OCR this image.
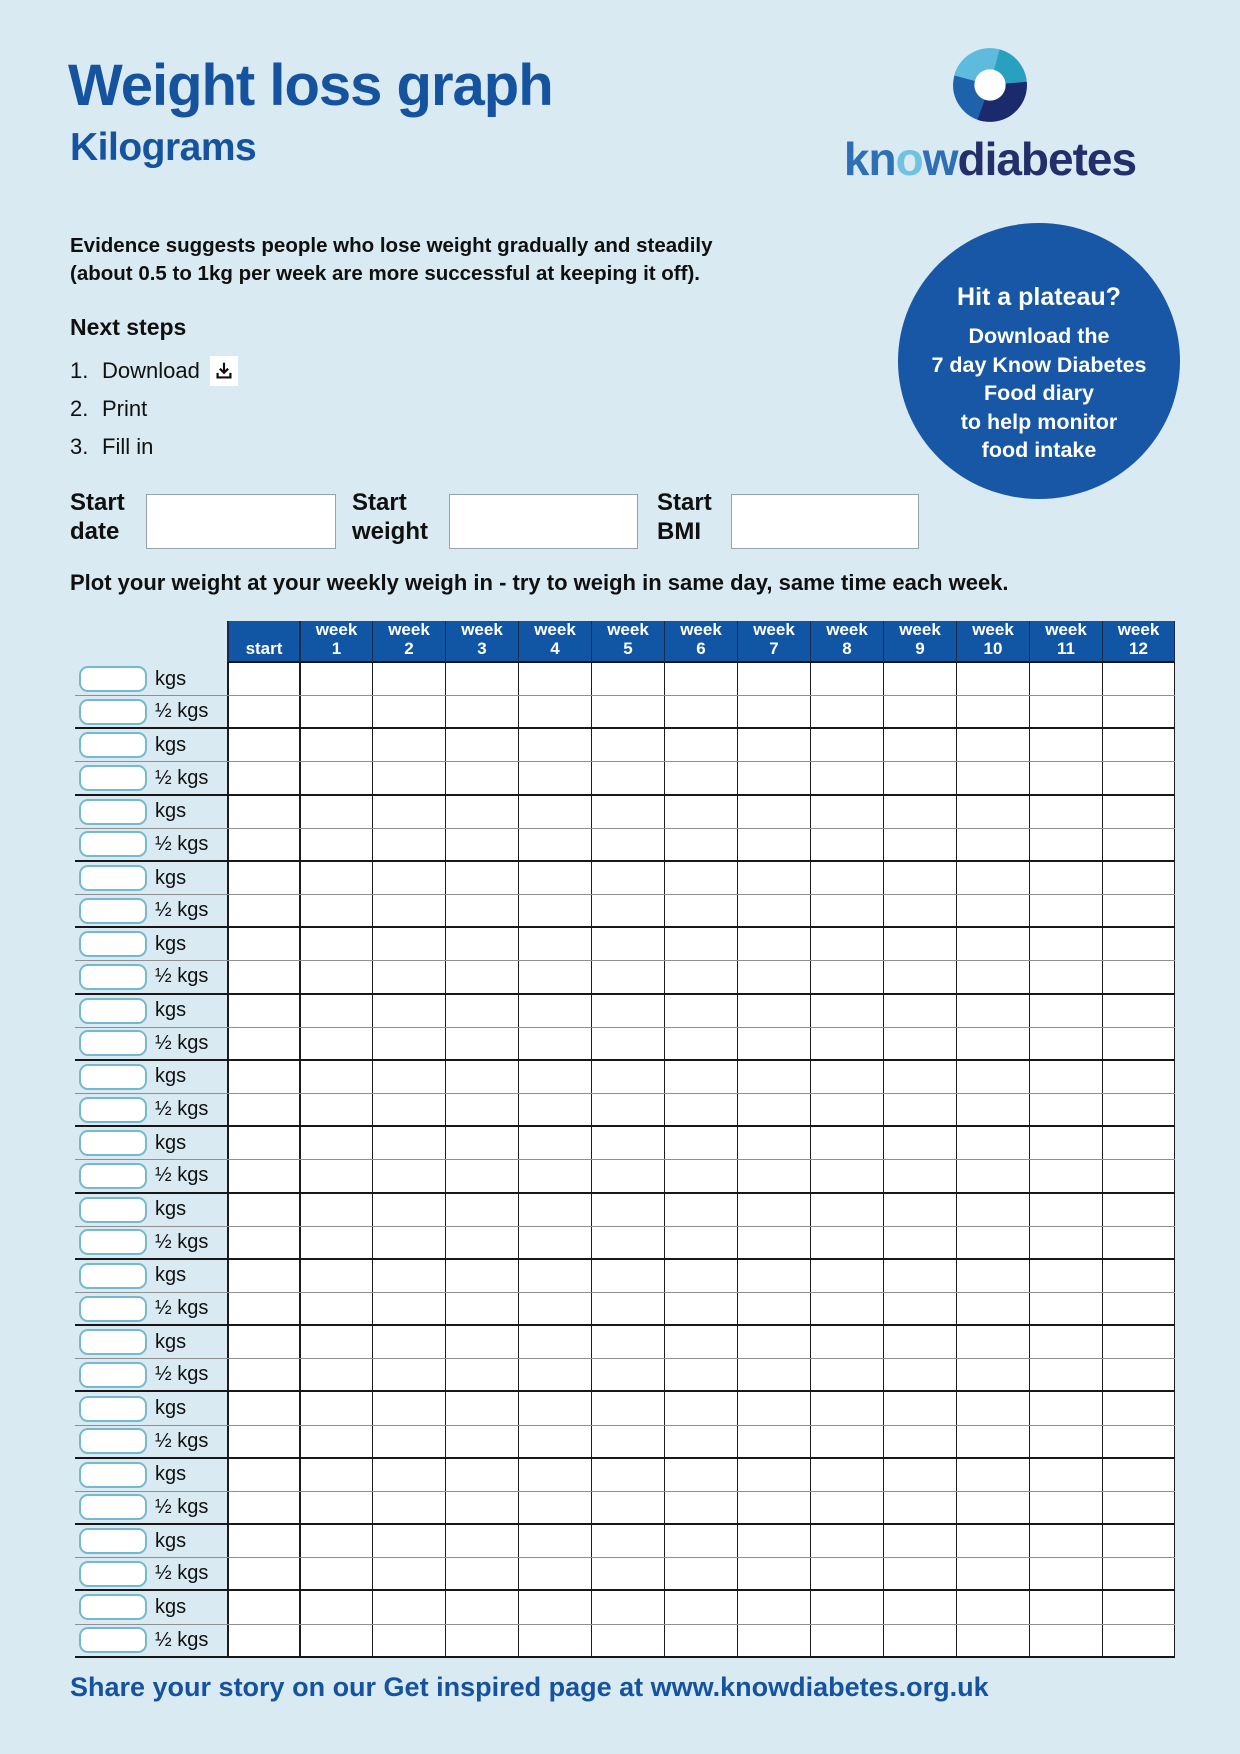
Weight loss graph
Kilograms	knowdiabetes
Evidence suggests people who lose weight gradually and steadily
(about 0.5 to 1kg per week are more successful at keeping it off).
Next steps
1. Download
2. Print
3. Fill in
Hit a plateau?
Download the
7 day Know Diabetes
Food diary
to help monitor
food intake
Start
date
Start
weight
Start
BMI
Plot your weight at your weekly weigh in - try to weigh in same day, same time each week.
start
week
1
week
2
week
3
week
4
week
5
week
6
week
7
week
8
week
9
week
10
week
11
week
12
kgs
½ kgs
kgs
½ kgs
kgs
½ kgs
kgs
½ kgs
kgs
½ kgs
kgs
½ kgs
kgs
½ kgs
kgs
½ kgs
kgs
½ kgs
kgs
½ kgs
kgs
½ kgs
kgs
½ kgs
kgs
½ kgs
kgs
½ kgs
kgs
½ kgs
Share your story on our Get inspired page at www.knowdiabetes.org.uk
